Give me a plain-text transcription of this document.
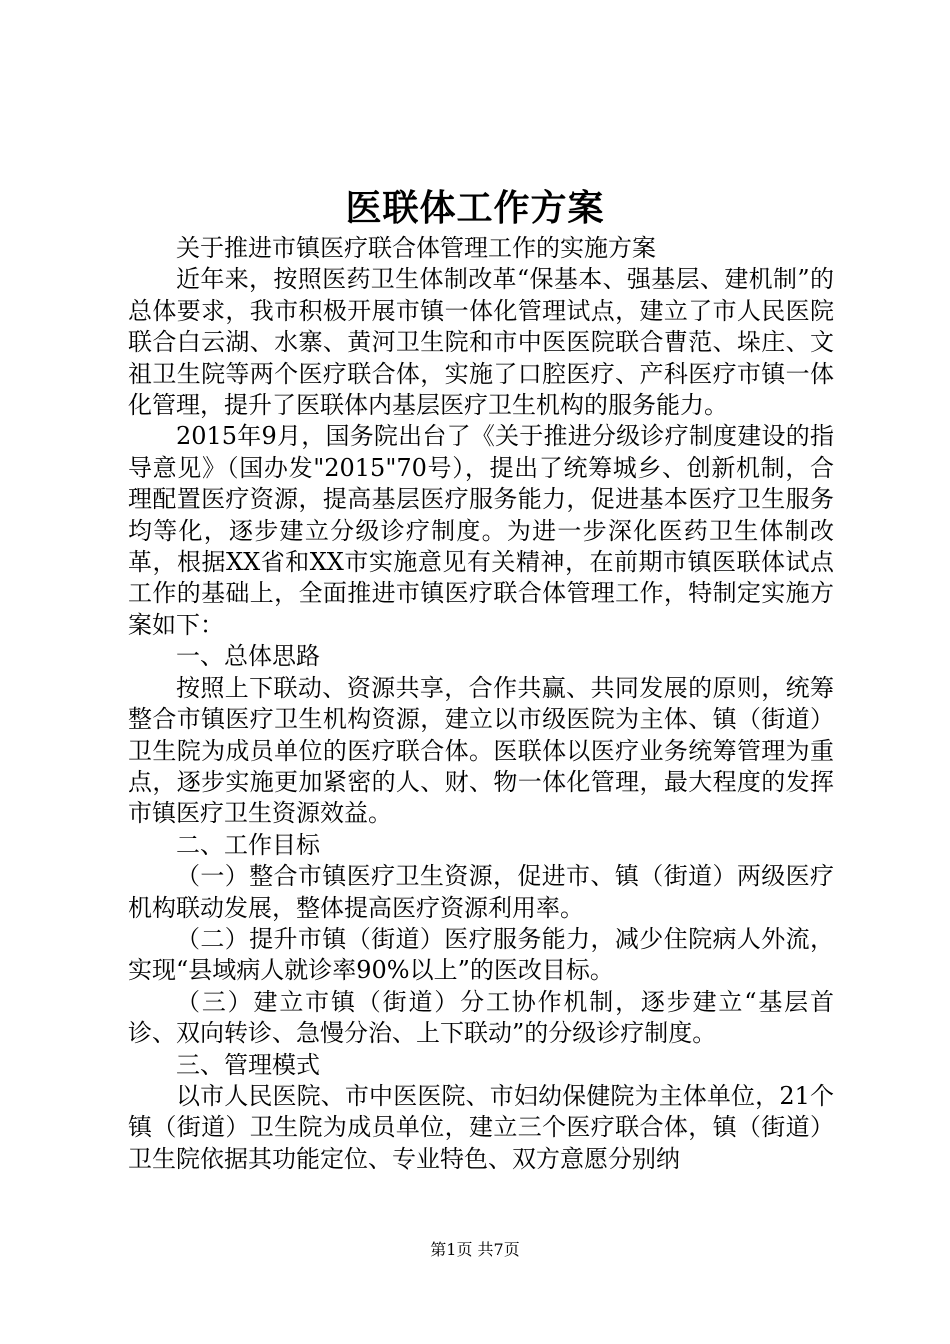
医联体工作方案

关于推进市镇医疗联合体管理工作的实施方案

近年来，按照医药卫生体制改革“保基本、强基层、建机制”的总体要求，我市积极开展市镇一体化管理试点，建立了市人民医院联合白云湖、水寨、黄河卫生院和市中医医院联合曹范、垛庄、文祖卫生院等两个医疗联合体，实施了口腔医疗、产科医疗市镇一体化管理，提升了医联体内基层医疗卫生机构的服务能力。

2015年9月，国务院出台了《关于推进分级诊疗制度建设的指导意见》（国办发"2015"70号），提出了统筹城乡、创新机制，合理配置医疗资源，提高基层医疗服务能力，促进基本医疗卫生服务均等化，逐步建立分级诊疗制度。为进一步深化医药卫生体制改革，根据XX省和XX市实施意见有关精神，在前期市镇医联体试点工作的基础上，全面推进市镇医疗联合体管理工作，特制定实施方案如下：

一、总体思路

按照上下联动、资源共享，合作共赢、共同发展的原则，统筹整合市镇医疗卫生机构资源，建立以市级医院为主体、镇（街道）卫生院为成员单位的医疗联合体。医联体以医疗业务统筹管理为重点，逐步实施更加紧密的人、财、物一体化管理，最大程度的发挥市镇医疗卫生资源效益。

二、工作目标

（一）整合市镇医疗卫生资源，促进市、镇（街道）两级医疗机构联动发展，整体提高医疗资源利用率。

（二）提升市镇（街道）医疗服务能力，减少住院病人外流，实现“县域病人就诊率90%以上”的医改目标。

（三）建立市镇（街道）分工协作机制，逐步建立“基层首诊、双向转诊、急慢分治、上下联动”的分级诊疗制度。

三、管理模式

以市人民医院、市中医医院、市妇幼保健院为主体单位，21个镇（街道）卫生院为成员单位，建立三个医疗联合体，镇（街道）卫生院依据其功能定位、专业特色、双方意愿分别纳

第1页 共7页
